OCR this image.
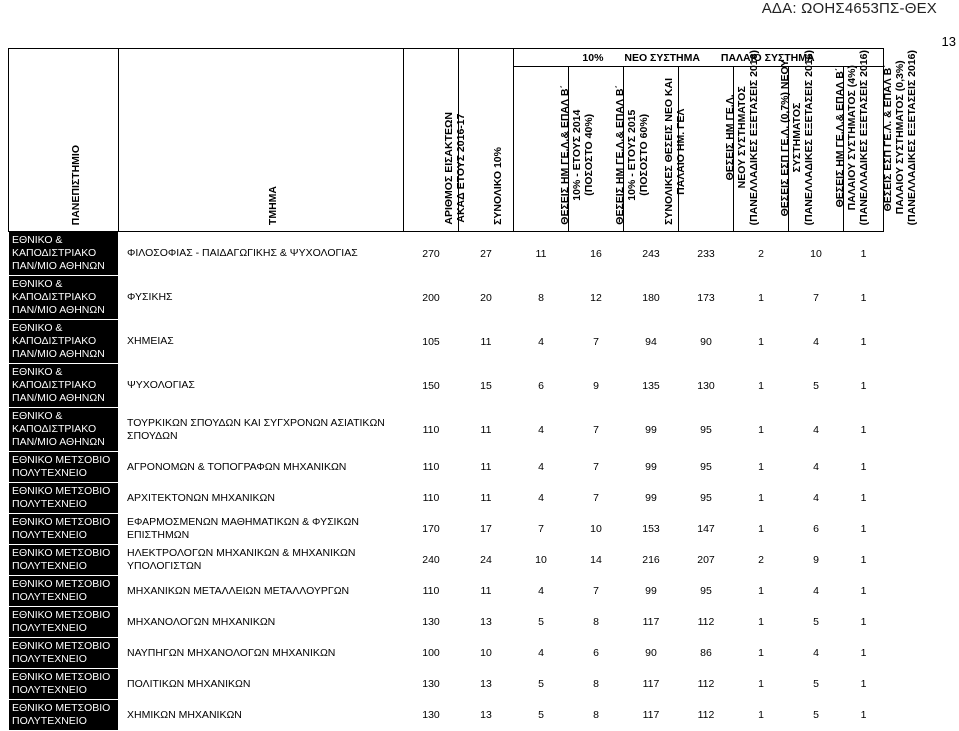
ΑΔΑ: ΩΟΗΣ4653ΠΣ-ΘΕΧ
13
ΠΑΝΕΠΙΣΤΗΜΙΟ	ΤΜΗΜΑ	ΑΡΙΘΜΟΣ ΕΙΣΑΚΤΕΩΝ ΑΚΑΔ ΕΤΟΥΣ 2016-17	ΣΥΝΟΛΙΚΟ 10%	10% ΝΕΟ ΣΥΣΤΗΜΑ ΠΑΛΑΙΟ ΣΥΣΤΗΜΑ						

				ΘΕΣΕΙΣ ΗΜ ΓΕ.Λ.& ΕΠΑΛ Β΄ 10% - ΕΤΟΥΣ 2014 (ΠΟΣΟΣΤΟ 40%)	ΘΕΣΕΙΣ ΗΜ ΓΕ.Λ.& ΕΠΑΛ Β΄ 10% - ΕΤΟΥΣ 2015 (ΠΟΣΟΣΤΟ 60%)	ΣΥΝΟΛΙΚΕΣ ΘΕΣΕΙΣ ΝΕΟ ΚΑΙ ΠΑΛΑΙΟ ΗΜ. ΓΕΛ	ΘΕΣΕΙΣ ΗΜ ΓΕ.Λ. ΝΕΟΥ ΣΥΣΤΗΜΑΤΟΣ (ΠΑΝΕΛΛΑΔΙΚΕΣ ΕΞΕΤΑΣΕΙΣ 2016)	ΘΕΣΕΙΣ ΕΣΠ ΓΕ.Λ. (0,7%) ΝΕΟΥ ΣΥΣΤΗΜΑΤΟΣ (ΠΑΝΕΛΛΑΔΙΚΕΣ ΕΞΕΤΑΣΕΙΣ 2016)	ΘΕΣΕΙΣ ΗΜ ΓΕ.Λ.& ΕΠΑΛ Β΄ ΠΑΛΑΙΟΥ ΣΥΣΤΗΜΑΤΟΣ (4%) (ΠΑΝΕΛΛΑΔΙΚΕΣ ΕΞΕΤΑΣΕΙΣ 2016)	ΘΕΣΕΙΣ ΕΣΠ ΓΕ.Λ. & ΕΠΑΛ Β΄ ΠΑΛΑΙΟΥ ΣΥΣΤΗΜΑΤΟΣ (0,3%) (ΠΑΝΕΛΛΑΔΙΚΕΣ ΕΞΕΤΑΣΕΙΣ 2016)

ΕΘΝΙΚΟ &
ΚΑΠΟΔΙΣΤΡΙΑΚΟ
ΠΑΝ/ΜΙΟ ΑΘΗΝΩΝ	ΦΙΛΟΣΟΦΙΑΣ - ΠΑΙΔΑΓΩΓΙΚΗΣ & ΨΥΧΟΛΟΓΙΑΣ	270	27	11	16	243	233	2	10	1

ΕΘΝΙΚΟ &
ΚΑΠΟΔΙΣΤΡΙΑΚΟ
ΠΑΝ/ΜΙΟ ΑΘΗΝΩΝ	ΦΥΣΙΚΗΣ	200	20	8	12	180	173	1	7	1

ΕΘΝΙΚΟ &
ΚΑΠΟΔΙΣΤΡΙΑΚΟ
ΠΑΝ/ΜΙΟ ΑΘΗΝΩΝ	ΧΗΜΕΙΑΣ	105	11	4	7	94	90	1	4	1

ΕΘΝΙΚΟ &
ΚΑΠΟΔΙΣΤΡΙΑΚΟ
ΠΑΝ/ΜΙΟ ΑΘΗΝΩΝ	ΨΥΧΟΛΟΓΙΑΣ	150	15	6	9	135	130	1	5	1

ΕΘΝΙΚΟ &
ΚΑΠΟΔΙΣΤΡΙΑΚΟ
ΠΑΝ/ΜΙΟ ΑΘΗΝΩΝ	ΤΟΥΡΚΙΚΩΝ ΣΠΟΥΔΩΝ ΚΑΙ ΣΥΓΧΡΟΝΩΝ ΑΣΙΑΤΙΚΩΝ ΣΠΟΥΔΩΝ	110	11	4	7	99	95	1	4	1

ΕΘΝΙΚΟ ΜΕΤΣΟΒΙΟ
ΠΟΛΥΤΕΧΝΕΙΟ	ΑΓΡΟΝΟΜΩΝ & ΤΟΠΟΓΡΑΦΩΝ ΜΗΧΑΝΙΚΩΝ	110	11	4	7	99	95	1	4	1

ΕΘΝΙΚΟ ΜΕΤΣΟΒΙΟ
ΠΟΛΥΤΕΧΝΕΙΟ	ΑΡΧΙΤΕΚΤΟΝΩΝ ΜΗΧΑΝΙΚΩΝ	110	11	4	7	99	95	1	4	1

ΕΘΝΙΚΟ ΜΕΤΣΟΒΙΟ
ΠΟΛΥΤΕΧΝΕΙΟ	ΕΦΑΡΜΟΣΜΕΝΩΝ ΜΑΘΗΜΑΤΙΚΩΝ & ΦΥΣΙΚΩΝ ΕΠΙΣΤΗΜΩΝ	170	17	7	10	153	147	1	6	1

ΕΘΝΙΚΟ ΜΕΤΣΟΒΙΟ
ΠΟΛΥΤΕΧΝΕΙΟ	ΗΛΕΚΤΡΟΛΟΓΩΝ ΜΗΧΑΝΙΚΩΝ & ΜΗΧΑΝΙΚΩΝ ΥΠΟΛΟΓΙΣΤΩΝ	240	24	10	14	216	207	2	9	1

ΕΘΝΙΚΟ ΜΕΤΣΟΒΙΟ
ΠΟΛΥΤΕΧΝΕΙΟ	ΜΗΧΑΝΙΚΩΝ ΜΕΤΑΛΛΕΙΩΝ ΜΕΤΑΛΛΟΥΡΓΩΝ	110	11	4	7	99	95	1	4	1

ΕΘΝΙΚΟ ΜΕΤΣΟΒΙΟ
ΠΟΛΥΤΕΧΝΕΙΟ	ΜΗΧΑΝΟΛΟΓΩΝ ΜΗΧΑΝΙΚΩΝ	130	13	5	8	117	112	1	5	1

ΕΘΝΙΚΟ ΜΕΤΣΟΒΙΟ
ΠΟΛΥΤΕΧΝΕΙΟ	ΝΑΥΠΗΓΩΝ ΜΗΧΑΝΟΛΟΓΩΝ ΜΗΧΑΝΙΚΩΝ	100	10	4	6	90	86	1	4	1

ΕΘΝΙΚΟ ΜΕΤΣΟΒΙΟ
ΠΟΛΥΤΕΧΝΕΙΟ	ΠΟΛΙΤΙΚΩΝ ΜΗΧΑΝΙΚΩΝ	130	13	5	8	117	112	1	5	1

ΕΘΝΙΚΟ ΜΕΤΣΟΒΙΟ
ΠΟΛΥΤΕΧΝΕΙΟ	ΧΗΜΙΚΩΝ ΜΗΧΑΝΙΚΩΝ	130	13	5	8	117	112	1	5	1
